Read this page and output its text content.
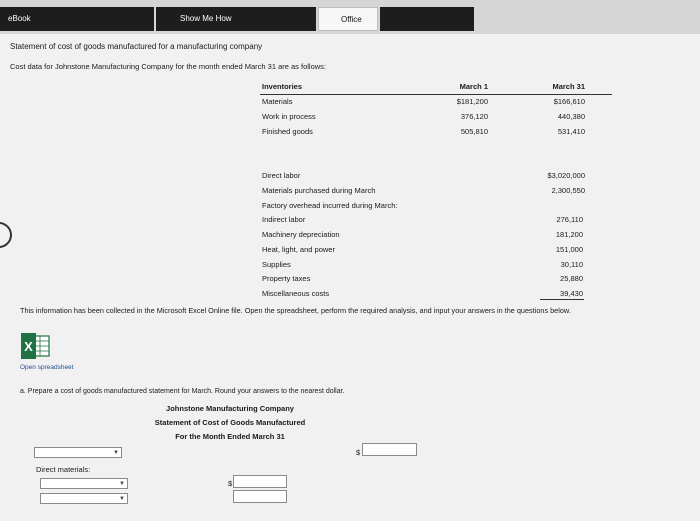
eBook	Show Me How	Office
Statement of cost of goods manufactured for a manufacturing company
Cost data for Johnstone Manufacturing Company for the month ended March 31 are as follows:
Inventories	March 1	March 31
Materials	$181,200	$166,610
Work in process	376,120	440,380
Finished goods	505,810	531,410
Direct labor	$3,020,000
Materials purchased during March	2,300,550
Factory overhead incurred during March:
Indirect labor	276,110
Machinery depreciation	181,200
Heat, light, and power	151,000
Supplies	30,110
Property taxes	25,880
Miscellaneous costs	39,430
This information has been collected in the Microsoft Excel Online file. Open the spreadsheet, perform the required analysis, and input your answers in the questions below.
X
Open spreadsheet
a. Prepare a cost of goods manufactured statement for March. Round your answers to the nearest dollar.
Johnstone Manufacturing Company
Statement of Cost of Goods Manufactured
For the Month Ended March 31
▼	$
Direct materials:
▼	$
▼
